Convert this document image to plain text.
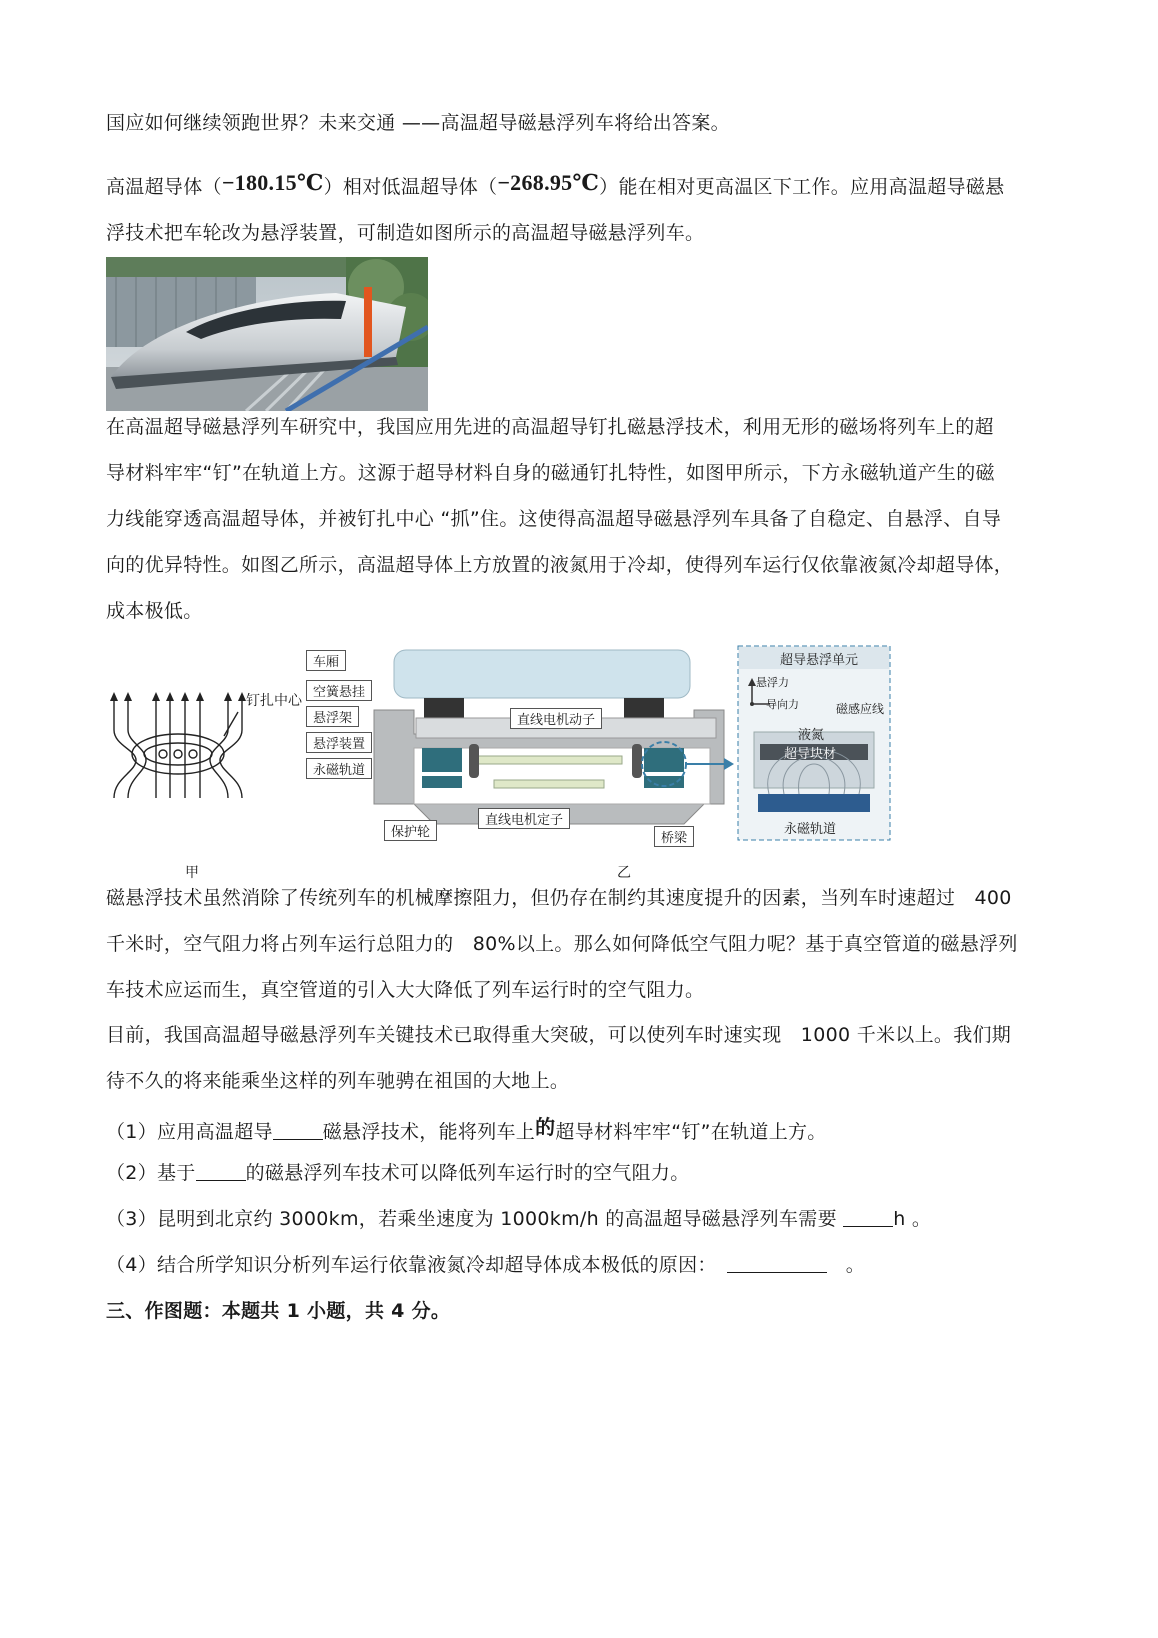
国应如何继续领跑世界？未来交通 ——高温超导磁悬浮列车将给出答案。
高温超导体（−180.15℃）相对低温超导体（−268.95℃）能在相对更高温区下工作。应用高温超导磁悬
浮技术把车轮改为悬浮装置，可制造如图所示的高温超导磁悬浮列车。
在高温超导磁悬浮列车研究中，我国应用先进的高温超导钉扎磁悬浮技术，利用无形的磁场将列车上的超
导材料牢牢“钉”在轨道上方。这源于超导材料自身的磁通钉扎特性，如图甲所示，下方永磁轨道产生的磁
力线能穿透高温超导体，并被钉扎中心 “抓”住。这使得高温超导磁悬浮列车具备了自稳定、自悬浮、自导
向的优异特性。如图乙所示，高温超导体上方放置的液氮用于冷却，使得列车运行仅依靠液氮冷却超导体，
成本极低。
钉扎中心
甲
车厢
空簧悬挂
悬浮架
悬浮装置
永磁轨道
保护轮
直线电机动子
直线电机定子
桥梁
超导悬浮单元
悬浮力
导向力	磁感应线
液氮
超导块材
永磁轨道
乙
磁悬浮技术虽然消除了传统列车的机械摩擦阻力，但仍存在制约其速度提升的因素，当列车时速超过　400
千米时，空气阻力将占列车运行总阻力的　80%以上。那么如何降低空气阻力呢？基于真空管道的磁悬浮列
车技术应运而生，真空管道的引入大大降低了列车运行时的空气阻力。
目前，我国高温超导磁悬浮列车关键技术已取得重大突破，可以使列车时速实现　1000 千米以上。我们期
待不久的将来能乘坐这样的列车驰骋在祖国的大地上。
（1）应用高温超导	磁悬浮技术，能将列车上的超导材料牢牢“钉”在轨道上方。
（2）基于	的磁悬浮列车技术可以降低列车运行时的空气阻力。
（3）昆明到北京约 3000km，若乘坐速度为 1000km/h 的高温超导磁悬浮列车需要	h 。
（4）结合所学知识分析列车运行依靠液氮冷却超导体成本极低的原因：　	　。
三、作图题：本题共 1 小题，共 4 分。
